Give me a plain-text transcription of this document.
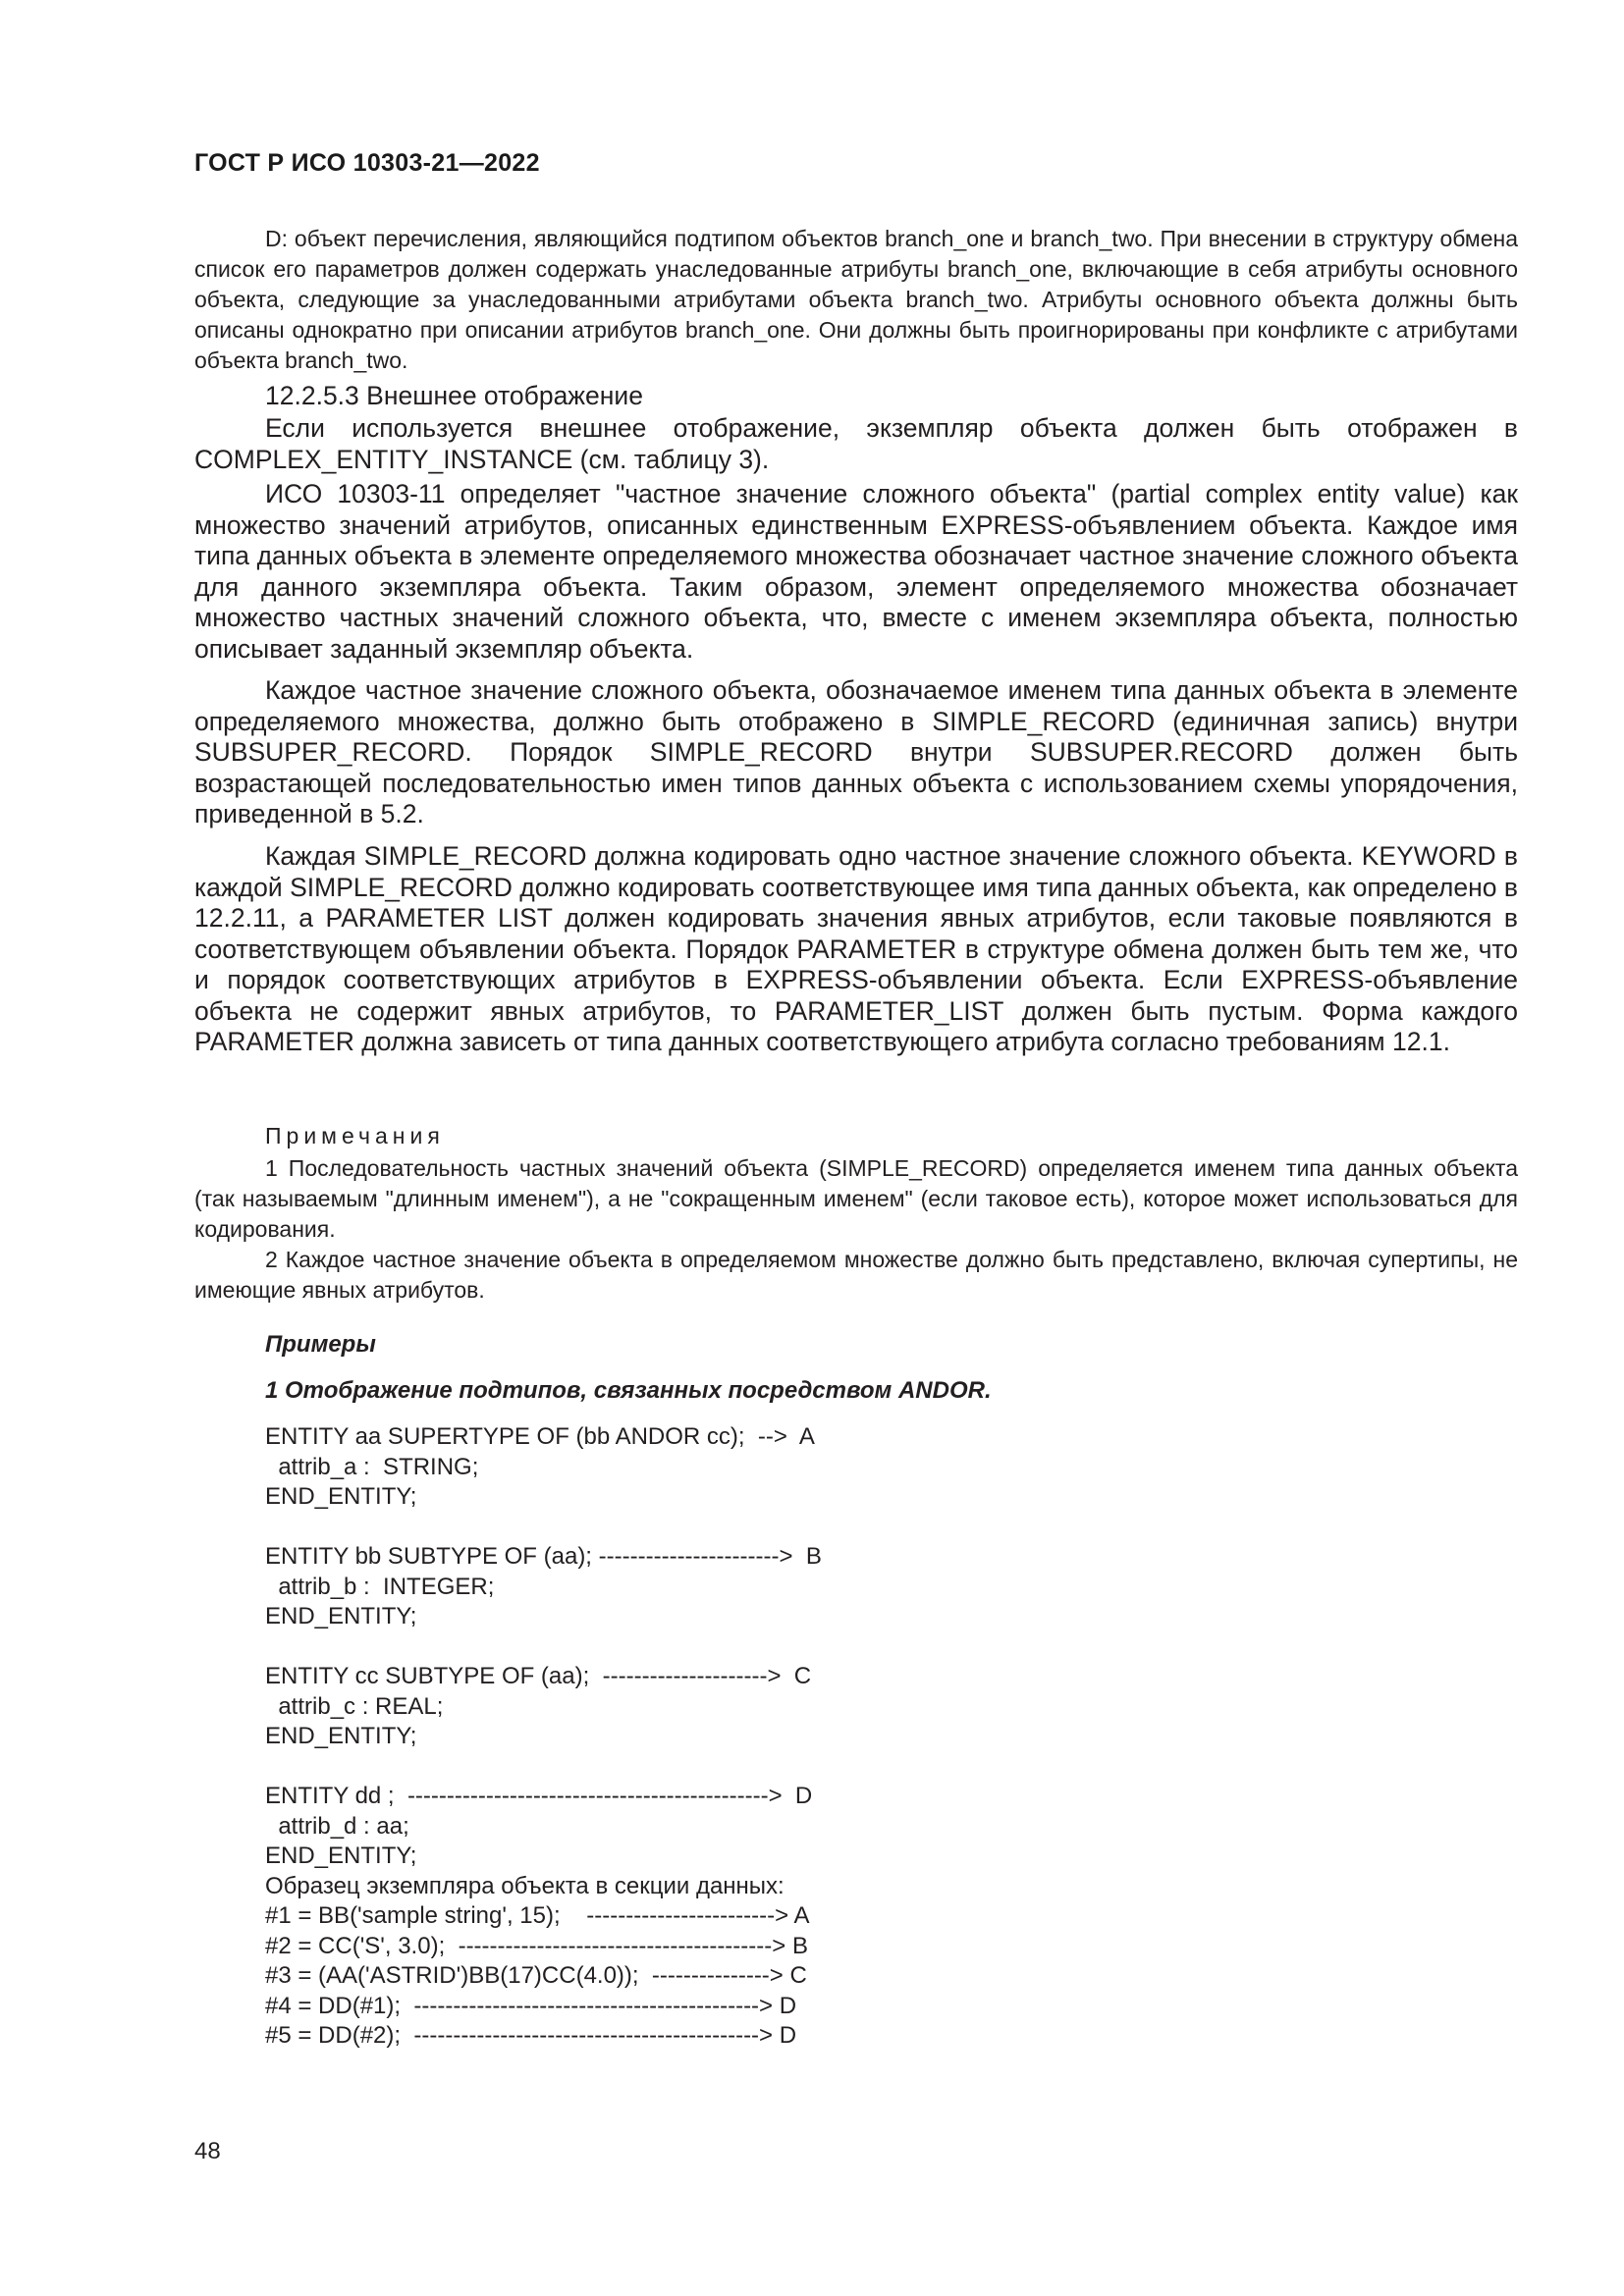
ГОСТ Р ИСО 10303-21—2022

D: объект перечисления, являющийся подтипом объектов branch_one и branch_two. При внесении в структуру обмена список его параметров должен содержать унаследованные атрибуты branch_one, включающие в себя атрибуты основного объекта, следующие за унаследованными атрибутами объекта branch_two. Атрибуты основного объекта должны быть описаны однократно при описании атрибутов branch_one. Они должны быть проигнорированы при конфликте с атрибутами объекта branch_two.

12.2.5.3 Внешнее отображение

Если используется внешнее отображение, экземпляр объекта должен быть отображен в COMPLEX_ENTITY_INSTANCE (см. таблицу 3).

ИСО 10303-11 определяет "частное значение сложного объекта" (partial complex entity value) как множество значений атрибутов, описанных единственным EXPRESS-объявлением объекта. Каждое имя типа данных объекта в элементе определяемого множества обозначает частное значение сложного объекта для данного экземпляра объекта. Таким образом, элемент определяемого множества обозначает множество частных значений сложного объекта, что, вместе с именем экземпляра объекта, полностью описывает заданный экземпляр объекта.

Каждое частное значение сложного объекта, обозначаемое именем типа данных объекта в элементе определяемого множества, должно быть отображено в SIMPLE_RECORD (единичная запись) внутри SUBSUPER_RECORD. Порядок SIMPLE_RECORD внутри SUBSUPER.RECORD должен быть возрастающей последовательностью имен типов данных объекта с использованием схемы упорядочения, приведенной в 5.2.

Каждая SIMPLE_RECORD должна кодировать одно частное значение сложного объекта. KEYWORD в каждой SIMPLE_RECORD должно кодировать соответствующее имя типа данных объекта, как определено в 12.2.11, а PARAMETER LIST должен кодировать значения явных атрибутов, если таковые появляются в соответствующем объявлении объекта. Порядок PARAMETER в структуре обмена должен быть тем же, что и порядок соответствующих атрибутов в EXPRESS-объявлении объекта. Если EXPRESS-объявление объекта не содержит явных атрибутов, то PARAMETER_LIST должен быть пустым. Форма каждого PARAMETER должна зависеть от типа данных соответствующего атрибута согласно требованиям 12.1.

Примечания

1 Последовательность частных значений объекта (SIMPLE_RECORD) определяется именем типа данных объекта (так называемым "длинным именем"), а не "сокращенным именем" (если таковое есть), которое может использоваться для кодирования.

2 Каждое частное значение объекта в определяемом множестве должно быть представлено, включая супертипы, не имеющие явных атрибутов.

Примеры
1 Отображение подтипов, связанных посредством ANDOR.
ENTITY aa SUPERTYPE OF (bb ANDOR cc);  -->  A
attrib_a :  STRING;
END_ENTITY;
ENTITY bb SUBTYPE OF (aa); ----------------------->  B
attrib_b :  INTEGER;
END_ENTITY;
ENTITY cc SUBTYPE OF (aa);  --------------------->  C
attrib_c : REAL;
END_ENTITY;
ENTITY dd ;  ---------------------------------------------->  D
attrib_d : aa;
END_ENTITY;
Образец экземпляра объекта в секции данных:
#1 = BB('sample string', 15);    ------------------------> A
#2 = CC('S', 3.0);  ----------------------------------------> B
#3 = (AA('ASTRID')BB(17)CC(4.0));  ---------------> C
#4 = DD(#1);  --------------------------------------------> D
#5 = DD(#2);  --------------------------------------------> D
48
